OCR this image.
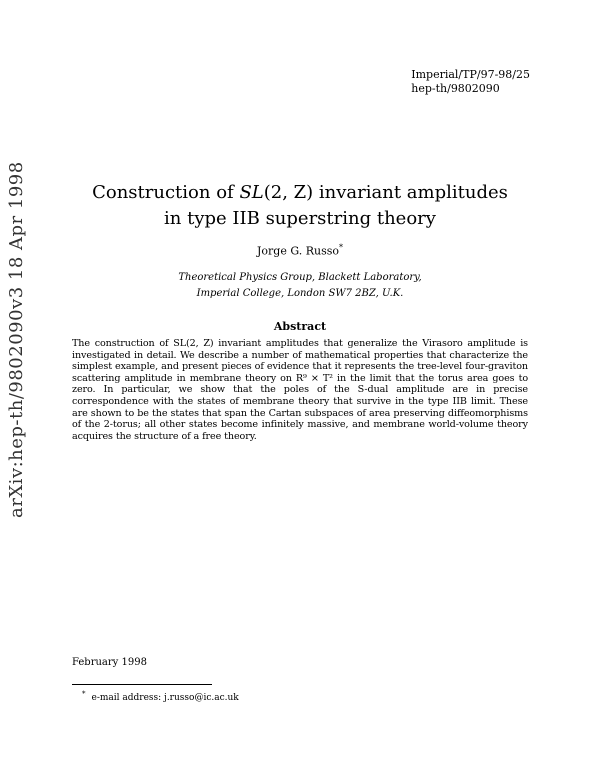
Imperial/TP/97-98/25
hep-th/9802090
arXiv:hep-th/9802090v3 18 Apr 1998	Construction of SL(2, Z) invariant amplitudes
in type IIB superstring theory
Jorge G. Russo*
Theoretical Physics Group, Blackett Laboratory,
Imperial College, London SW7 2BZ, U.K.
Abstract
The construction of SL(2, Z) invariant amplitudes that generalize the Virasoro amplitude is investigated in detail. We describe a number of mathematical properties that characterize the simplest example, and present pieces of evidence that it represents the tree-level four-graviton scattering amplitude in membrane theory on R⁹ × T² in the limit that the torus area goes to zero. In particular, we show that the poles of the S-dual amplitude are in precise correspondence with the states of membrane theory that survive in the type IIB limit. These are shown to be the states that span the Cartan subspaces of area preserving diffeomorphisms of the 2-torus; all other states become infinitely massive, and membrane world-volume theory acquires the structure of a free theory.
February 1998
* e-mail address: j.russo@ic.ac.uk
